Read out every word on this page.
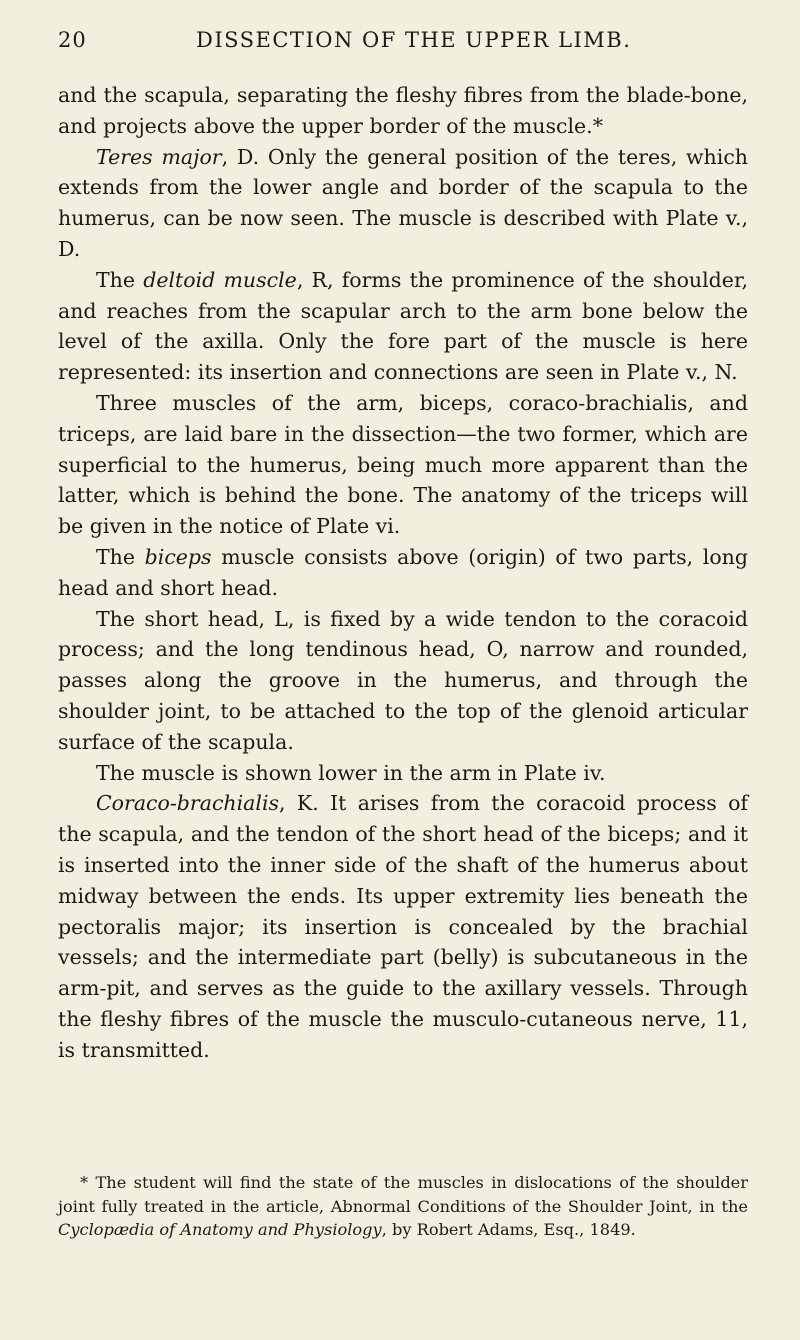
20	DISSECTION OF THE UPPER LIMB.

and the scapula, separating the fleshy fibres from the blade-bone, and projects above the upper border of the muscle.*

Teres major, D. Only the general position of the teres, which extends from the lower angle and border of the scapula to the humerus, can be now seen. The muscle is described with Plate v., D.

The deltoid muscle, R, forms the prominence of the shoulder, and reaches from the scapular arch to the arm bone below the level of the axilla. Only the fore part of the muscle is here represented: its insertion and connections are seen in Plate v., N.

Three muscles of the arm, biceps, coraco-brachialis, and triceps, are laid bare in the dissection—the two former, which are superficial to the humerus, being much more apparent than the latter, which is behind the bone. The anatomy of the triceps will be given in the notice of Plate vi.

The biceps muscle consists above (origin) of two parts, long head and short head.

The short head, L, is fixed by a wide tendon to the coracoid process; and the long tendinous head, O, narrow and rounded, passes along the groove in the humerus, and through the shoulder joint, to be attached to the top of the glenoid articular surface of the scapula.

The muscle is shown lower in the arm in Plate iv.

Coraco-brachialis, K. It arises from the coracoid process of the scapula, and the tendon of the short head of the biceps; and it is inserted into the inner side of the shaft of the humerus about midway between the ends. Its upper extremity lies beneath the pectoralis major; its insertion is concealed by the brachial vessels; and the intermediate part (belly) is subcutaneous in the arm-pit, and serves as the guide to the axillary vessels. Through the fleshy fibres of the muscle the musculo-cutaneous nerve, 11, is transmitted.

* The student will find the state of the muscles in dislocations of the shoulder joint fully treated in the article, Abnormal Conditions of the Shoulder Joint, in the Cyclopædia of Anatomy and Physiology, by Robert Adams, Esq., 1849.
